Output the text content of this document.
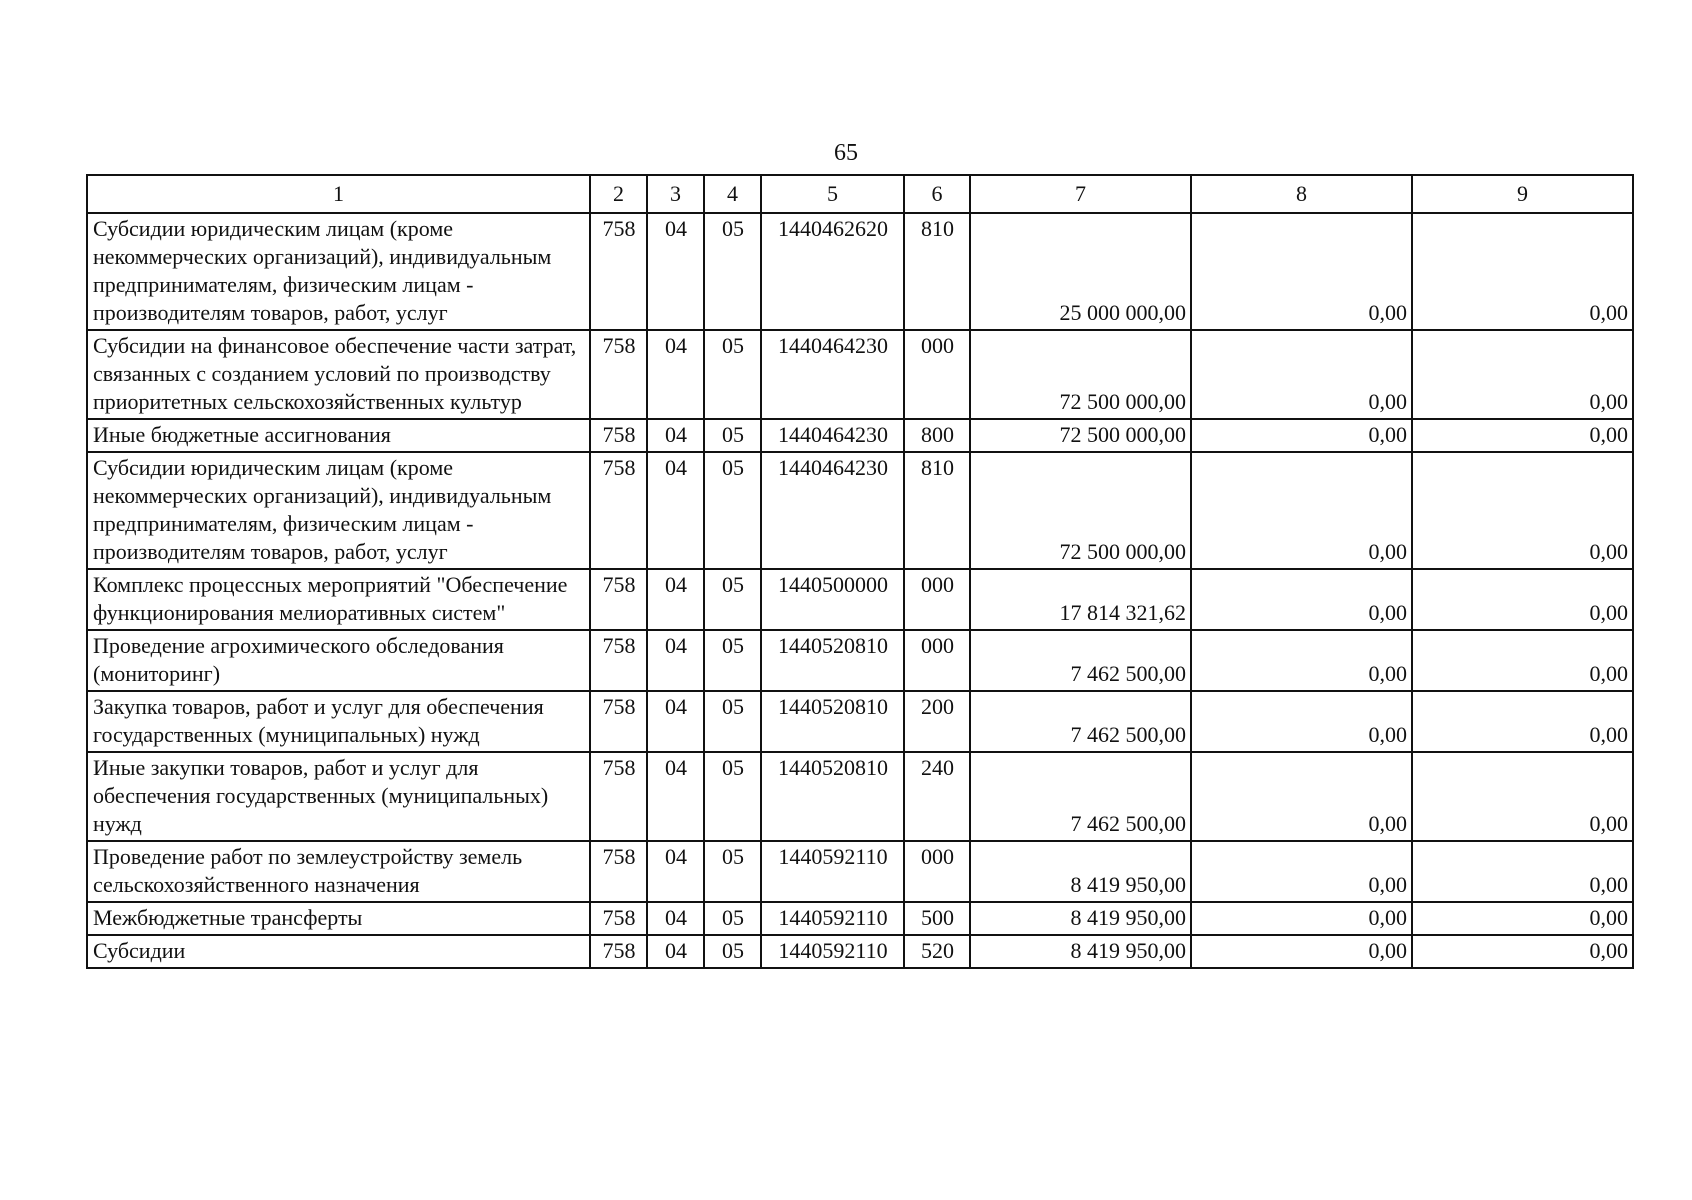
65
1	2	3	4	5	6	7	8	9
Субсидии юридическим лицам (кроме некоммерческих организаций), индивидуальным предпринимателям, физическим лицам - производителям товаров, работ, услуг	758	04	05	1440462620	810	25 000 000,00	0,00	0,00
Субсидии на финансовое обеспечение части затрат, связанных с созданием условий по производству приоритетных сельскохозяйственных культур	758	04	05	1440464230	000	72 500 000,00	0,00	0,00
Иные бюджетные ассигнования	758	04	05	1440464230	800	72 500 000,00	0,00	0,00
Субсидии юридическим лицам (кроме некоммерческих организаций), индивидуальным предпринимателям, физическим лицам - производителям товаров, работ, услуг	758	04	05	1440464230	810	72 500 000,00	0,00	0,00
Комплекс процессных мероприятий "Обеспечение функционирования мелиоративных систем"	758	04	05	1440500000	000	17 814 321,62	0,00	0,00
Проведение агрохимического обследования (мониторинг)	758	04	05	1440520810	000	7 462 500,00	0,00	0,00
Закупка товаров, работ и услуг для обеспечения государственных (муниципальных) нужд	758	04	05	1440520810	200	7 462 500,00	0,00	0,00
Иные закупки товаров, работ и услуг для обеспечения государственных (муниципальных) нужд	758	04	05	1440520810	240	7 462 500,00	0,00	0,00
Проведение работ по землеустройству земель сельскохозяйственного назначения	758	04	05	1440592110	000	8 419 950,00	0,00	0,00
Межбюджетные трансферты	758	04	05	1440592110	500	8 419 950,00	0,00	0,00
Субсидии	758	04	05	1440592110	520	8 419 950,00	0,00	0,00
